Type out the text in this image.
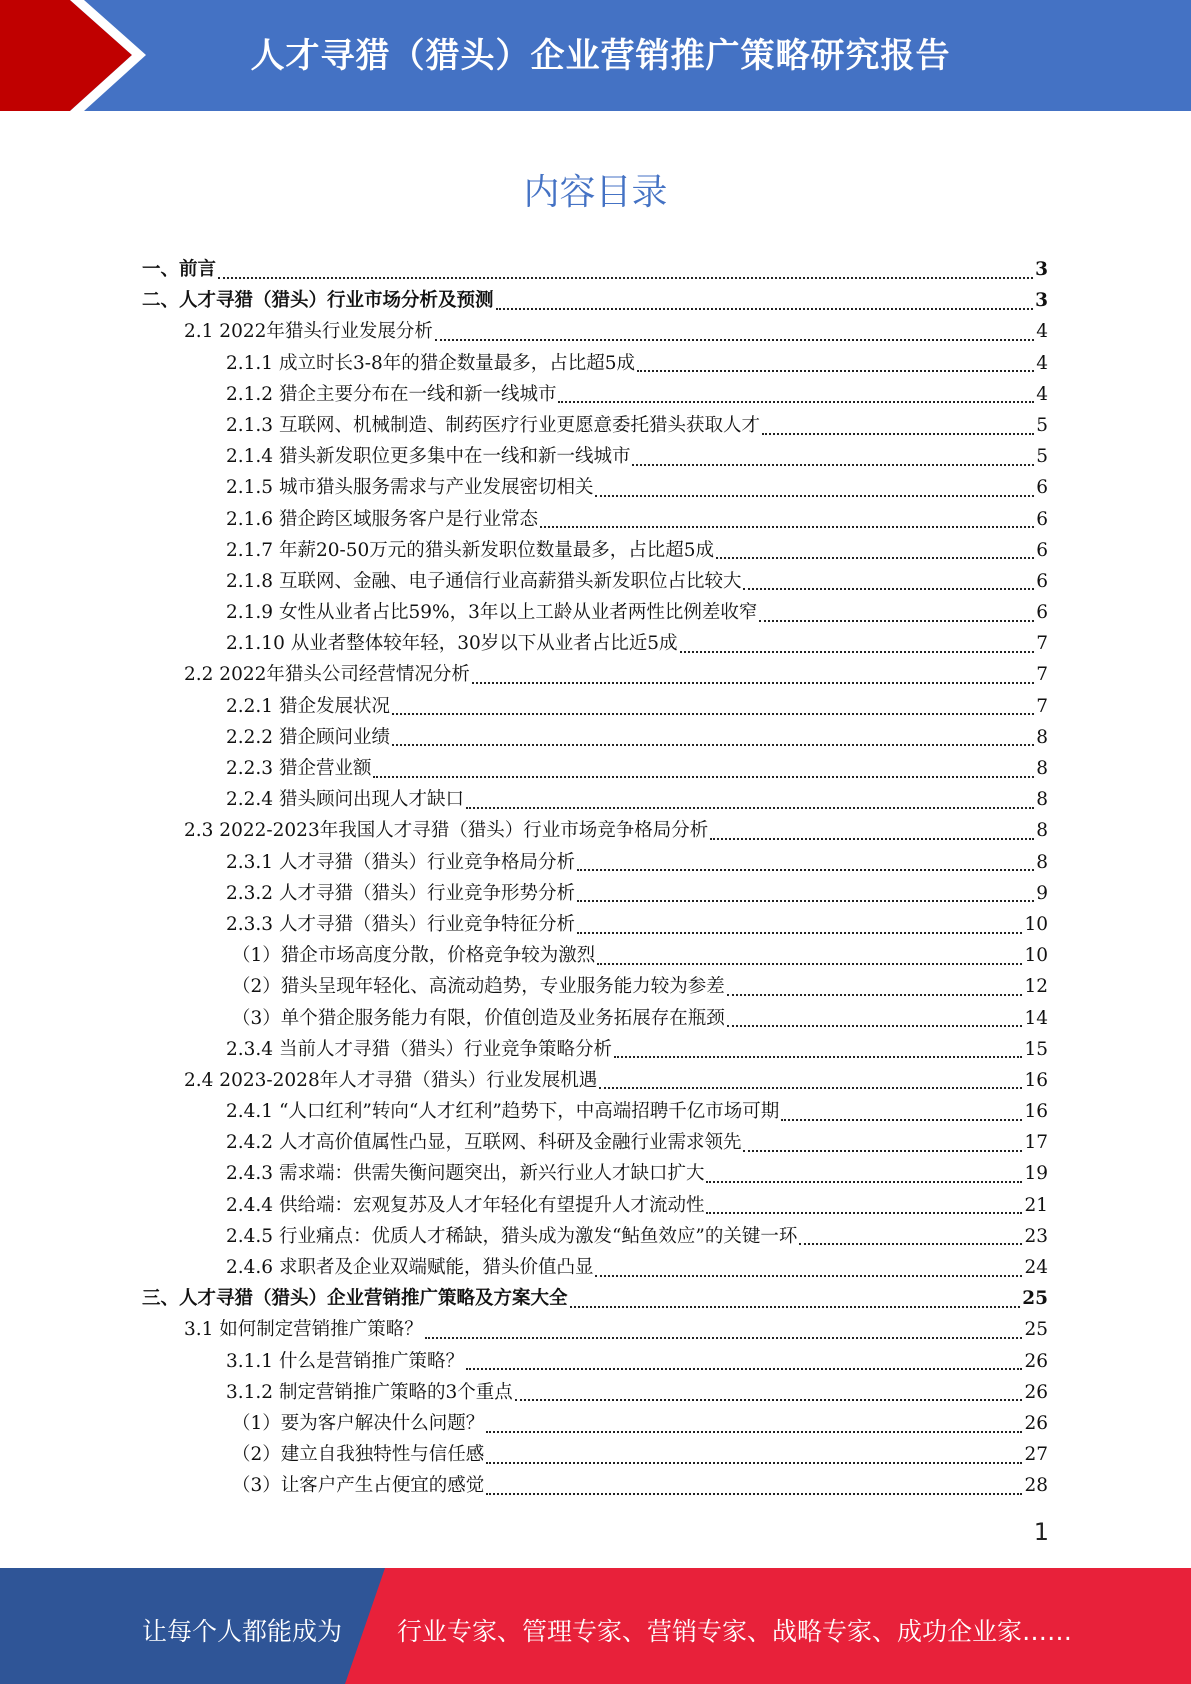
人才寻猎（猎头）企业营销推广策略研究报告
内容目录
一、前言	3
二、人才寻猎（猎头）行业市场分析及预测	3
2.1 2022年猎头行业发展分析	4
2.1.1 成立时长3-8年的猎企数量最多，占比超5成	4
2.1.2 猎企主要分布在一线和新一线城市	4
2.1.3 互联网、机械制造、制药医疗行业更愿意委托猎头获取人才	5
2.1.4 猎头新发职位更多集中在一线和新一线城市	5
2.1.5 城市猎头服务需求与产业发展密切相关	6
2.1.6 猎企跨区域服务客户是行业常态	6
2.1.7 年薪20-50万元的猎头新发职位数量最多，占比超5成	6
2.1.8 互联网、金融、电子通信行业高薪猎头新发职位占比较大	6
2.1.9 女性从业者占比59%，3年以上工龄从业者两性比例差收窄	6
2.1.10 从业者整体较年轻，30岁以下从业者占比近5成	7
2.2 2022年猎头公司经营情况分析	7
2.2.1 猎企发展状况	7
2.2.2 猎企顾问业绩	8
2.2.3 猎企营业额	8
2.2.4 猎头顾问出现人才缺口	8
2.3 2022-2023年我国人才寻猎（猎头）行业市场竞争格局分析	8
2.3.1 人才寻猎（猎头）行业竞争格局分析	8
2.3.2 人才寻猎（猎头）行业竞争形势分析	9
2.3.3 人才寻猎（猎头）行业竞争特征分析	10
（1）猎企市场高度分散，价格竞争较为激烈	10
（2）猎头呈现年轻化、高流动趋势，专业服务能力较为参差	12
（3）单个猎企服务能力有限，价值创造及业务拓展存在瓶颈	14
2.3.4 当前人才寻猎（猎头）行业竞争策略分析	15
2.4 2023-2028年人才寻猎（猎头）行业发展机遇	16
2.4.1 “人口红利”转向“人才红利”趋势下，中高端招聘千亿市场可期	16
2.4.2 人才高价值属性凸显，互联网、科研及金融行业需求领先	17
2.4.3 需求端：供需失衡问题突出，新兴行业人才缺口扩大	19
2.4.4 供给端：宏观复苏及人才年轻化有望提升人才流动性	21
2.4.5 行业痛点：优质人才稀缺，猎头成为激发“鲇鱼效应”的关键一环	23
2.4.6 求职者及企业双端赋能，猎头价值凸显	24
三、人才寻猎（猎头）企业营销推广策略及方案大全	25
3.1 如何制定营销推广策略？	25
3.1.1 什么是营销推广策略？	26
3.1.2 制定营销推广策略的3个重点	26
（1）要为客户解决什么问题？	26
（2）建立自我独特性与信任感	27
（3）让客户产生占便宜的感觉	28
1
让每个人都能成为 行业专家、管理专家、营销专家、战略专家、成功企业家……
